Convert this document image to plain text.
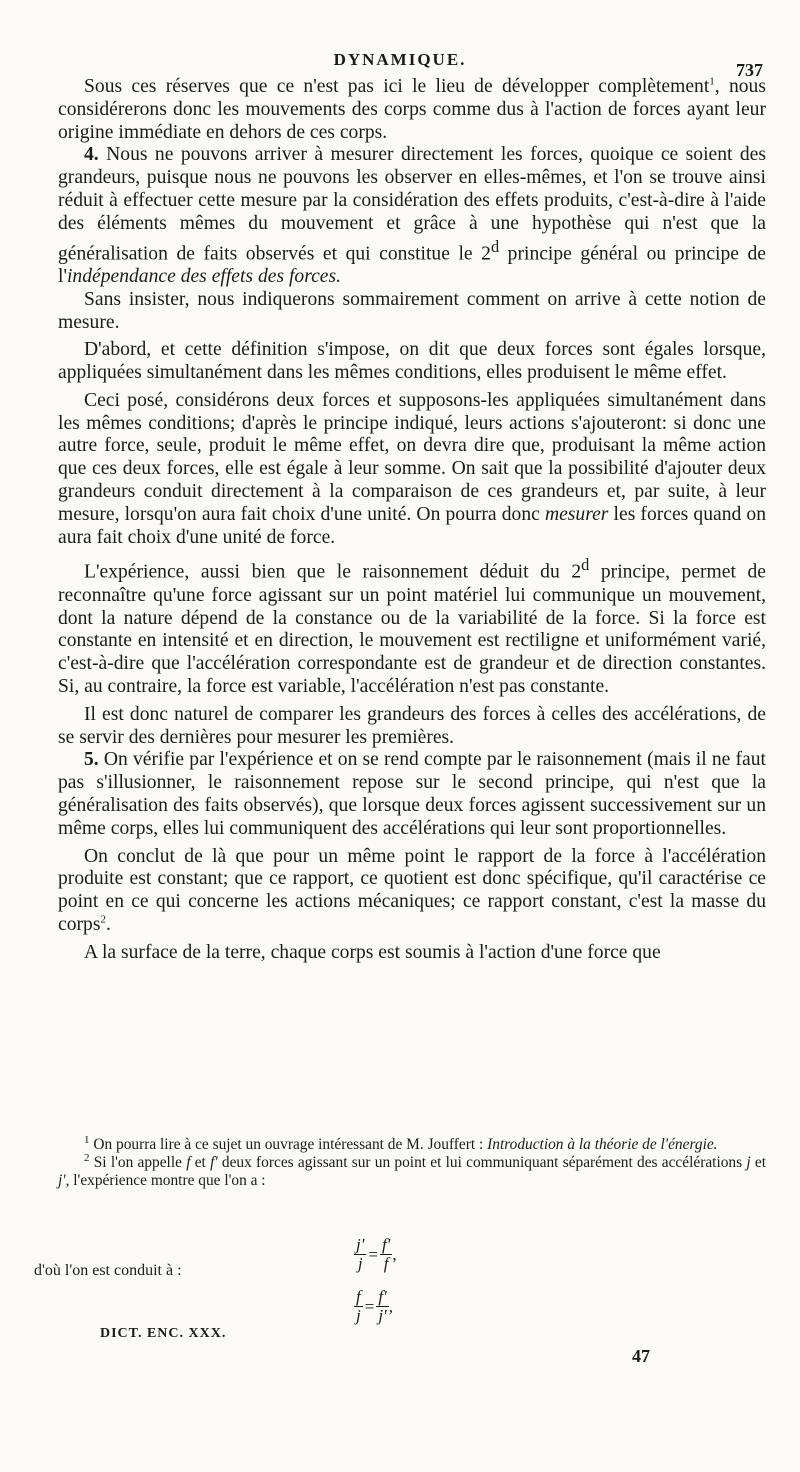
DYNAMIQUE.
737

Sous ces réserves que ce n'est pas ici le lieu de développer complètement$^1$, nous considérerons donc les mouvements des corps comme dus à l'action de forces ayant leur origine immédiate en dehors de ces corps.

4. Nous ne pouvons arriver à mesurer directement les forces, quoique ce soient des grandeurs, puisque nous ne pouvons les observer en elles-mêmes, et l'on se trouve ainsi réduit à effectuer cette mesure par la considération des effets produits, c'est-à-dire à l'aide des éléments mêmes du mouvement et grâce à une hypothèse qui n'est que la généralisation de faits observés et qui constitue le 2$^d$ principe général ou principe de l'indépendance des effets des forces.

Sans insister, nous indiquerons sommairement comment on arrive à cette notion de mesure.

D'abord, et cette définition s'impose, on dit que deux forces sont égales lorsque, appliquées simultanément dans les mêmes conditions, elles produisent le même effet.

Ceci posé, considérons deux forces et supposons-les appliquées simultanément dans les mêmes conditions; d'après le principe indiqué, leurs actions s'ajouteront: si donc une autre force, seule, produit le même effet, on devra dire que, produisant la même action que ces deux forces, elle est égale à leur somme. On sait que la possibilité d'ajouter deux grandeurs conduit directement à la comparaison de ces grandeurs et, par suite, à leur mesure, lorsqu'on aura fait choix d'une unité. On pourra donc mesurer les forces quand on aura fait choix d'une unité de force.

L'expérience, aussi bien que le raisonnement déduit du 2$^d$ principe, permet de reconnaître qu'une force agissant sur un point matériel lui communique un mouvement, dont la nature dépend de la constance ou de la variabilité de la force. Si la force est constante en intensité et en direction, le mouvement est rectiligne et uniformément varié, c'est-à-dire que l'accélération correspondante est de grandeur et de direction constantes. Si, au contraire, la force est variable, l'accélération n'est pas constante.

Il est donc naturel de comparer les grandeurs des forces à celles des accélérations, de se servir des dernières pour mesurer les premières.

5. On vérifie par l'expérience et on se rend compte par le raisonnement (mais il ne faut pas s'illusionner, le raisonnement repose sur le second principe, qui n'est que la généralisation des faits observés), que lorsque deux forces agissent successivement sur un même corps, elles lui communiquent des accélérations qui leur sont proportionnelles.

On conclut de là que pour un même point le rapport de la force à l'accélération produite est constant; que ce rapport, ce quotient est donc spécifique, qu'il caractérise ce point en ce qui concerne les actions mécaniques; ce rapport constant, c'est la masse du corps$^2$.

A la surface de la terre, chaque corps est soumis à l'action d'une force que

$^1$ On pourra lire à ce sujet un ouvrage intéressant de M. Jouffert : Introduction à la théorie de l'énergie.

$^2$ Si l'on appelle f et f' deux forces agissant sur un point et lui communiquant séparément des accélérations j et j', l'expérience montre que l'on a :

$\frac{j'}{j} = \frac{f'}{f}$ ,
d'où l'on est conduit à :
$\frac{f}{j} = \frac{f'}{j'}$ ,
DICT. ENC. XXX.
47
